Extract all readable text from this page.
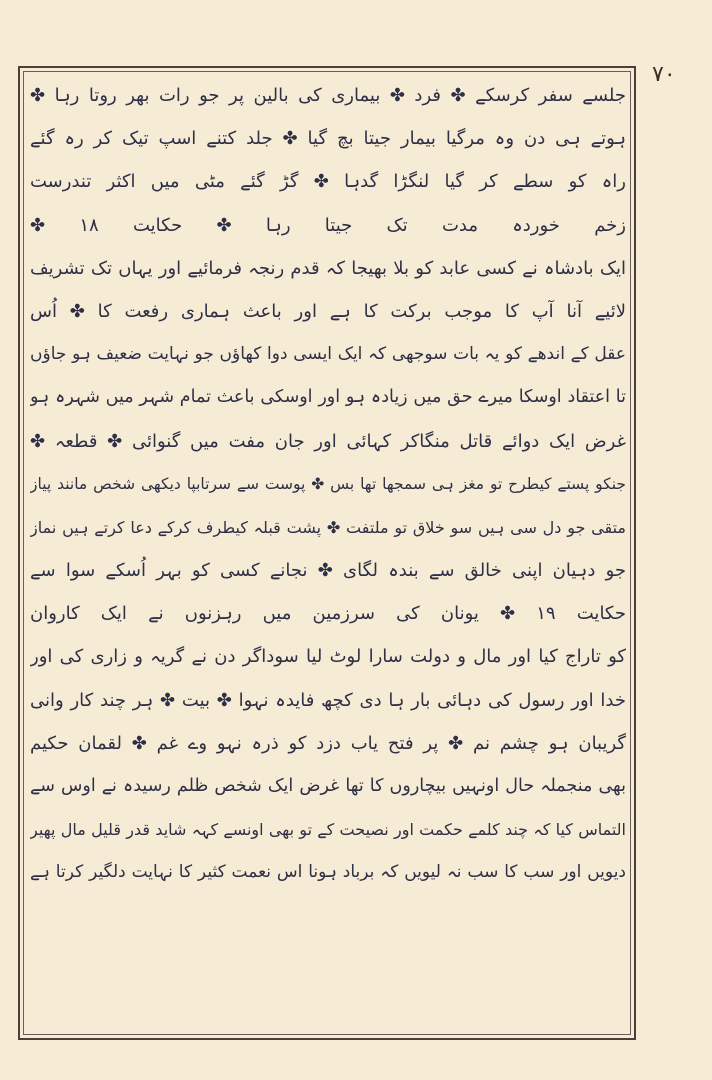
۷۰
جلسے سفر کرسکے ✤ فرد ✤ بیماری کی بالین پر جو رات بھر روتا رہا ✤
ہوتے ہی دن وہ مرگیا بیمار جیتا بچ گیا ✤ جلد کتنے اسپ تیک کر رہ گئے
راہ کو سطے کر گیا لنگڑا گدہا ✤ گڑ گئے مٹی میں اکثر تندرست
زخم خوردہ مدت تک جیتا رہا ✤ حکایت ۱۸ ✤
ایک بادشاہ نے کسی عابد کو بلا بھیجا کہ قدم رنجہ فرمائیے اور یہاں تک تشریف
لائیے آنا آپ کا موجب برکت کا ہے اور باعث ہماری رفعت کا ✤ اُس
عقل کے اندھے کو یہ بات سوجھی کہ ایک ایسی دوا کھاؤں جو نہایت ضعیف ہو جاؤں
تا اعتقاد اوسکا میرے حق میں زیادہ ہو اور اوسکی باعث تمام شہر میں شہرہ ہو
غرض ایک دوائے قاتل منگاکر کہائی اور جان مفت میں گنوائی ✤ قطعہ ✤
جنکو پستے کیطرح تو مغز ہی سمجھا تھا بس ✤ پوست سے سرتابپا دیکھی شخص مانند پیاز
متقی جو دل سی ہیں سو خلاق تو ملتفت ✤ پشت قبلہ کیطرف کرکے دعا کرتے ہیں نماز
جو دہیان اپنی خالق سے بندہ لگای ✤ نجانے کسی کو بہر اُسکے سوا سے
حکایت ۱۹ ✤ یونان کی سرزمین میں رہزنوں نے ایک کاروان
کو تاراج کیا اور مال و دولت سارا لوٹ لیا سوداگر دن نے گریہ و زاری کی اور
خدا اور رسول کی دہائی بار ہا دی کچھ فایدہ نہوا ✤ بیت ✤ ہر چند کار وانی
گریبان ہو چشم نم ✤ پر فتح یاب دزد کو ذرہ نہو وے غم ✤ لقمان حکیم
بھی منجملہ حال اونہیں بیچاروں کا تھا غرض ایک شخص ظلم رسیدہ نے اوس سے
التماس کیا کہ چند کلمے حکمت اور نصیحت کے تو بھی اونسے کہہ شاید قدر قلیل مال پھیر
دیویں اور سب کا سب نہ لیویں کہ برباد ہونا اس نعمت کثیر کا نہایت دلگیر کرتا ہے
